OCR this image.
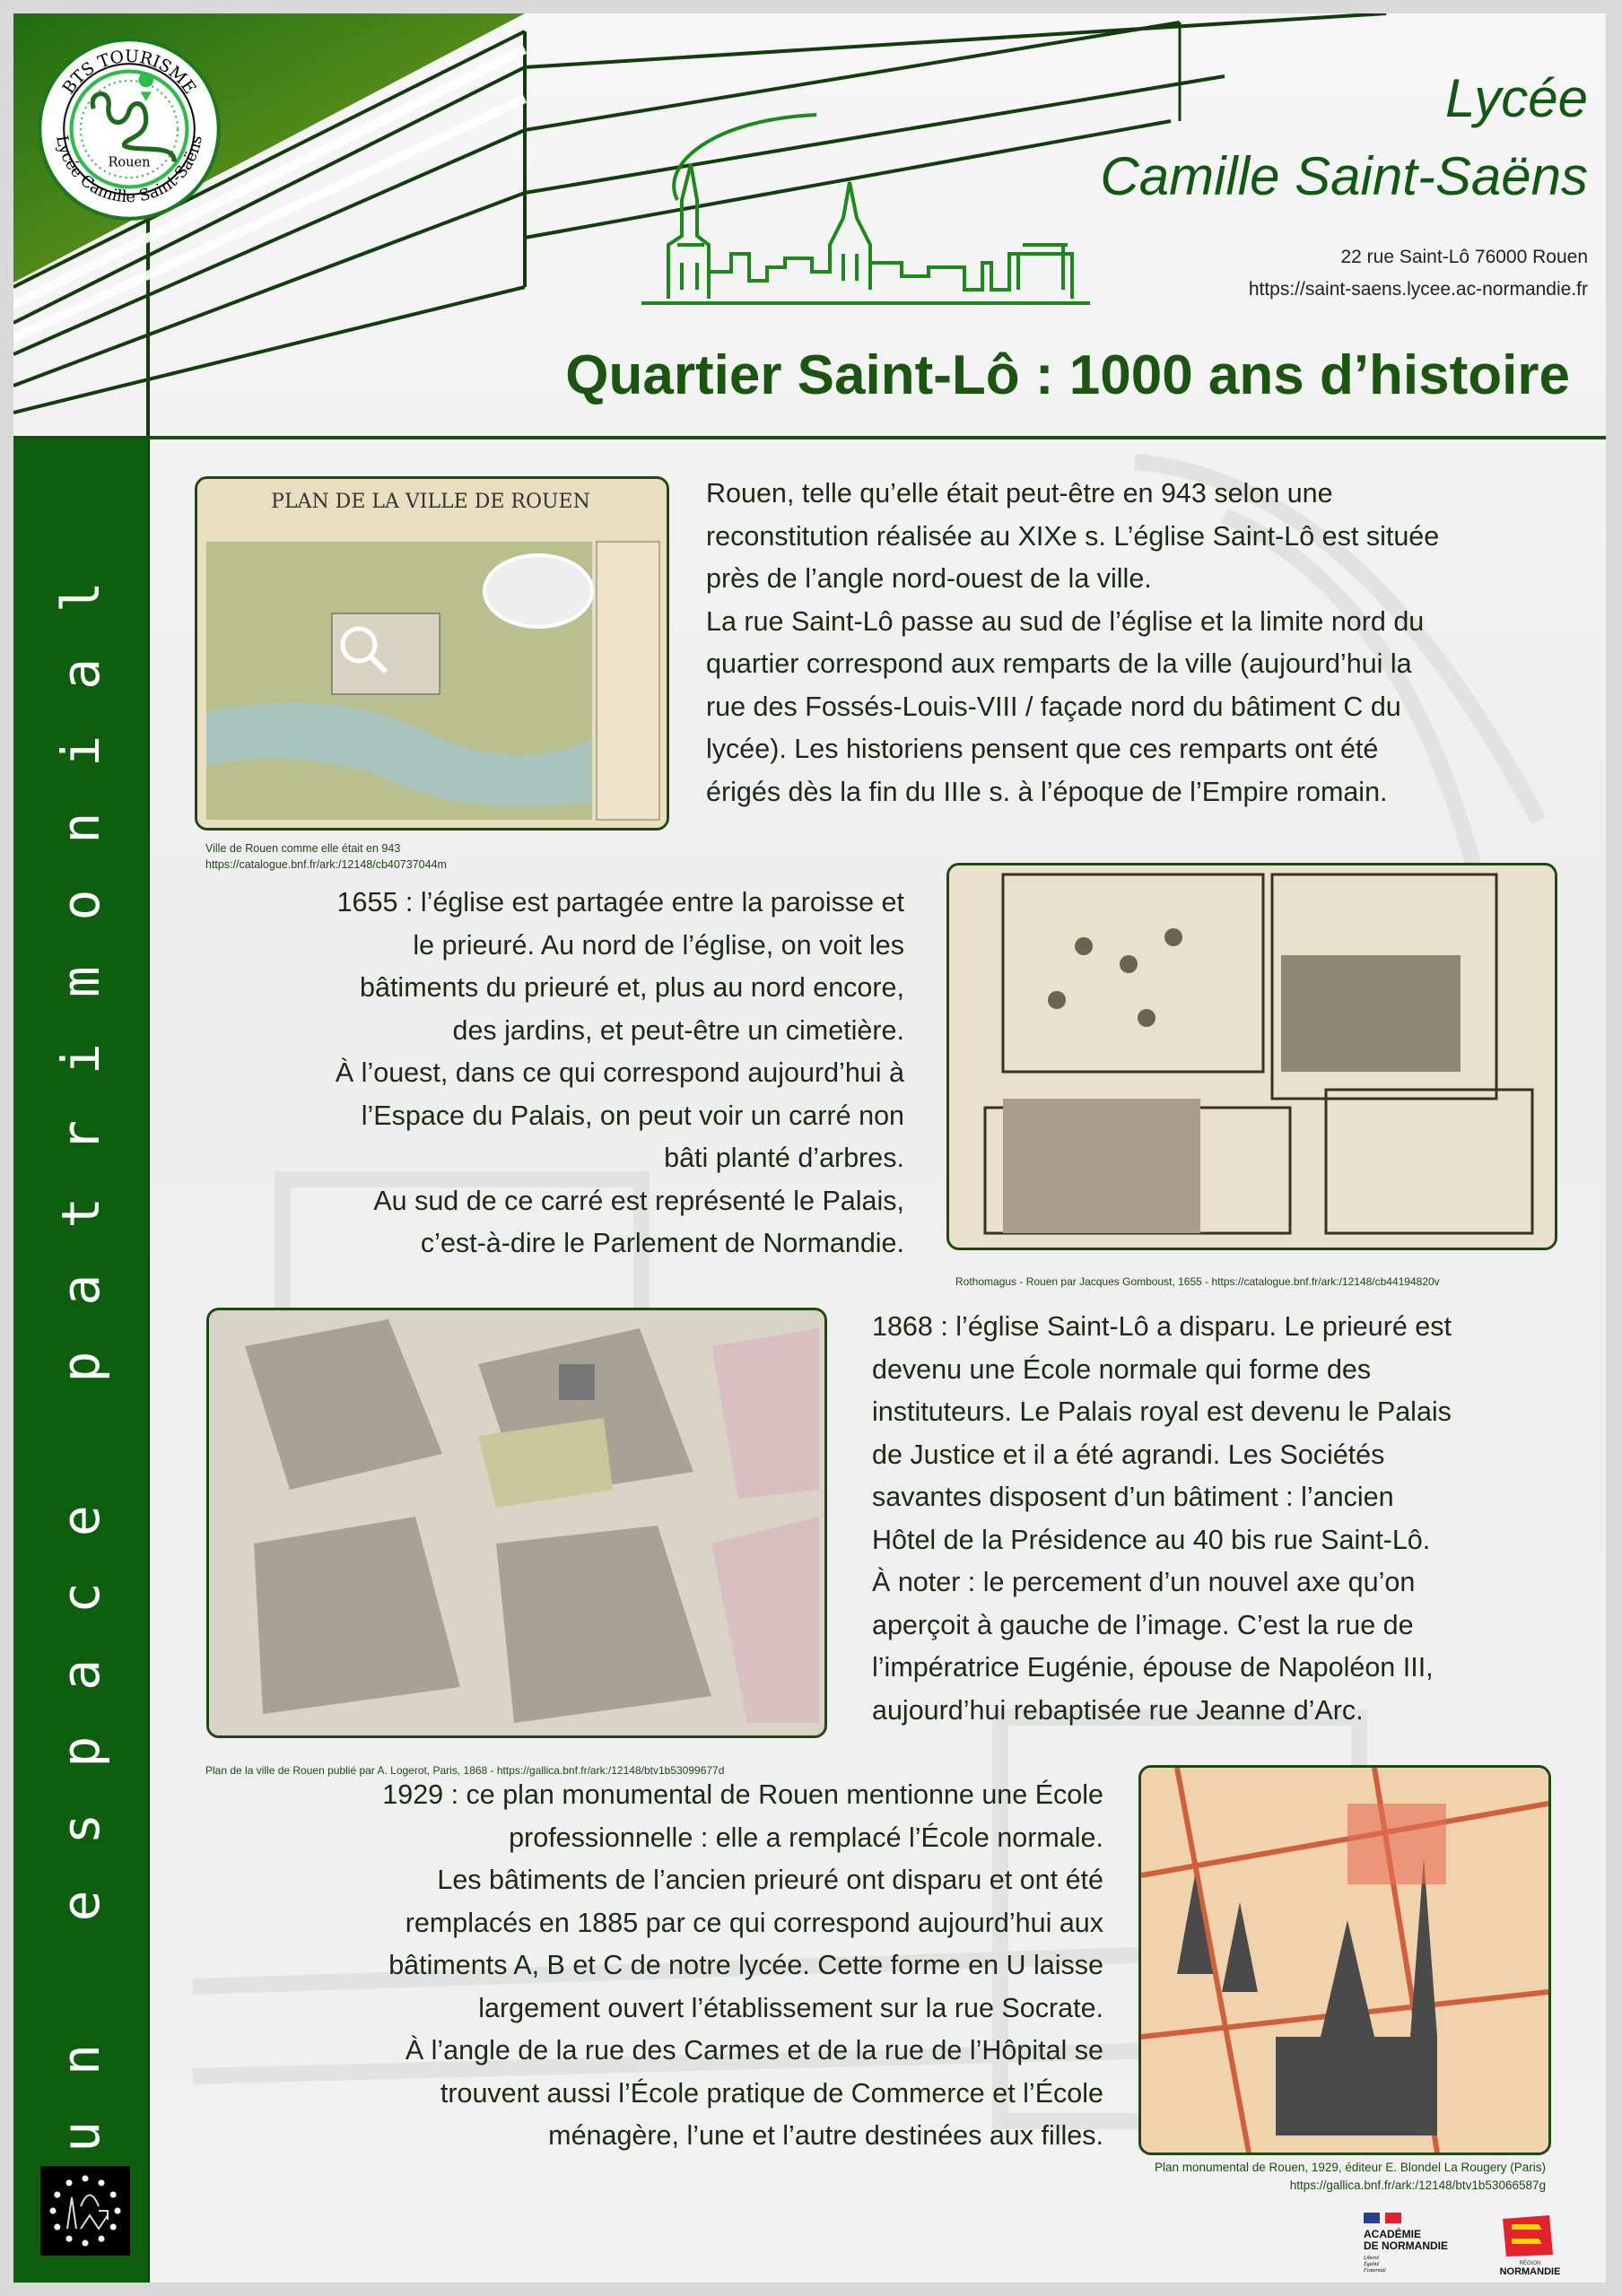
Rouen
BTS TOURISME
Lycée Camille Saint-Saëns
Lycée
Camille Saint-Saëns
22 rue Saint-Lô 76000 Rouen
https://saint-saens.lycee.ac-normandie.fr
Quartier Saint-Lô : 1000 ans d’histoire
u n   e s p a c e   p a t r i m o n i a l
PLAN DE LA VILLE DE ROUEN
Ville de Rouen comme elle était en 943
https://catalogue.bnf.fr/ark:/12148/cb40737044m
Rouen, telle qu’elle était peut-être en 943 selon une
reconstitution réalisée au XIXe s. L’église Saint-Lô est située
près de l’angle nord-ouest de la ville.
La rue Saint-Lô passe au sud de l’église et la limite nord du
quartier correspond aux remparts de la ville (aujourd’hui la
rue des Fossés-Louis-VIII / façade nord du bâtiment C du
lycée). Les historiens pensent que ces remparts ont été
érigés dès la fin du IIIe s. à l’époque de l’Empire romain.
1655 : l’église est partagée entre la paroisse et
le prieuré. Au nord de l’église, on voit les
bâtiments du prieuré et, plus au nord encore,
des jardins, et peut-être un cimetière.
À l’ouest, dans ce qui correspond aujourd’hui à
l’Espace du Palais, on peut voir un carré non
bâti planté d’arbres.
Au sud de ce carré est représenté le Palais,
c’est-à-dire le Parlement de Normandie.
Rothomagus - Rouen par Jacques Gomboust, 1655 - https://catalogue.bnf.fr/ark:/12148/cb44194820v
Plan de la ville de Rouen publié par A. Logerot, Paris, 1868 - https://gallica.bnf.fr/ark:/12148/btv1b53099677d
1868 : l’église Saint-Lô a disparu. Le prieuré est
devenu une École normale qui forme des
instituteurs. Le Palais royal est devenu le Palais
de Justice et il a été agrandi. Les Sociétés
savantes disposent d’un bâtiment : l’ancien
Hôtel de la Présidence au 40 bis rue Saint-Lô.
À noter : le percement d’un nouvel axe qu’on
aperçoit à gauche de l’image. C’est la rue de
l’impératrice Eugénie, épouse de Napoléon III,
aujourd’hui rebaptisée rue Jeanne d’Arc.
1929 : ce plan monumental de Rouen mentionne une École
professionnelle : elle a remplacé l’École normale.
Les bâtiments de l’ancien prieuré ont disparu et ont été
remplacés en 1885 par ce qui correspond aujourd’hui aux
bâtiments A, B et C de notre lycée. Cette forme en U laisse
largement ouvert l’établissement sur la rue Socrate.
À l’angle de la rue des Carmes et de la rue de l’Hôpital se
trouvent aussi l’École pratique de Commerce et l’École
ménagère, l’une et l’autre destinées aux filles.
Plan monumental de Rouen, 1929, éditeur E. Blondel La Rougery (Paris)
https://gallica.bnf.fr/ark:/12148/btv1b53066587g
ACADÉMIE
DE NORMANDIE
Liberté
Égalité
Fraternité
RÉGION
NORMANDIE
